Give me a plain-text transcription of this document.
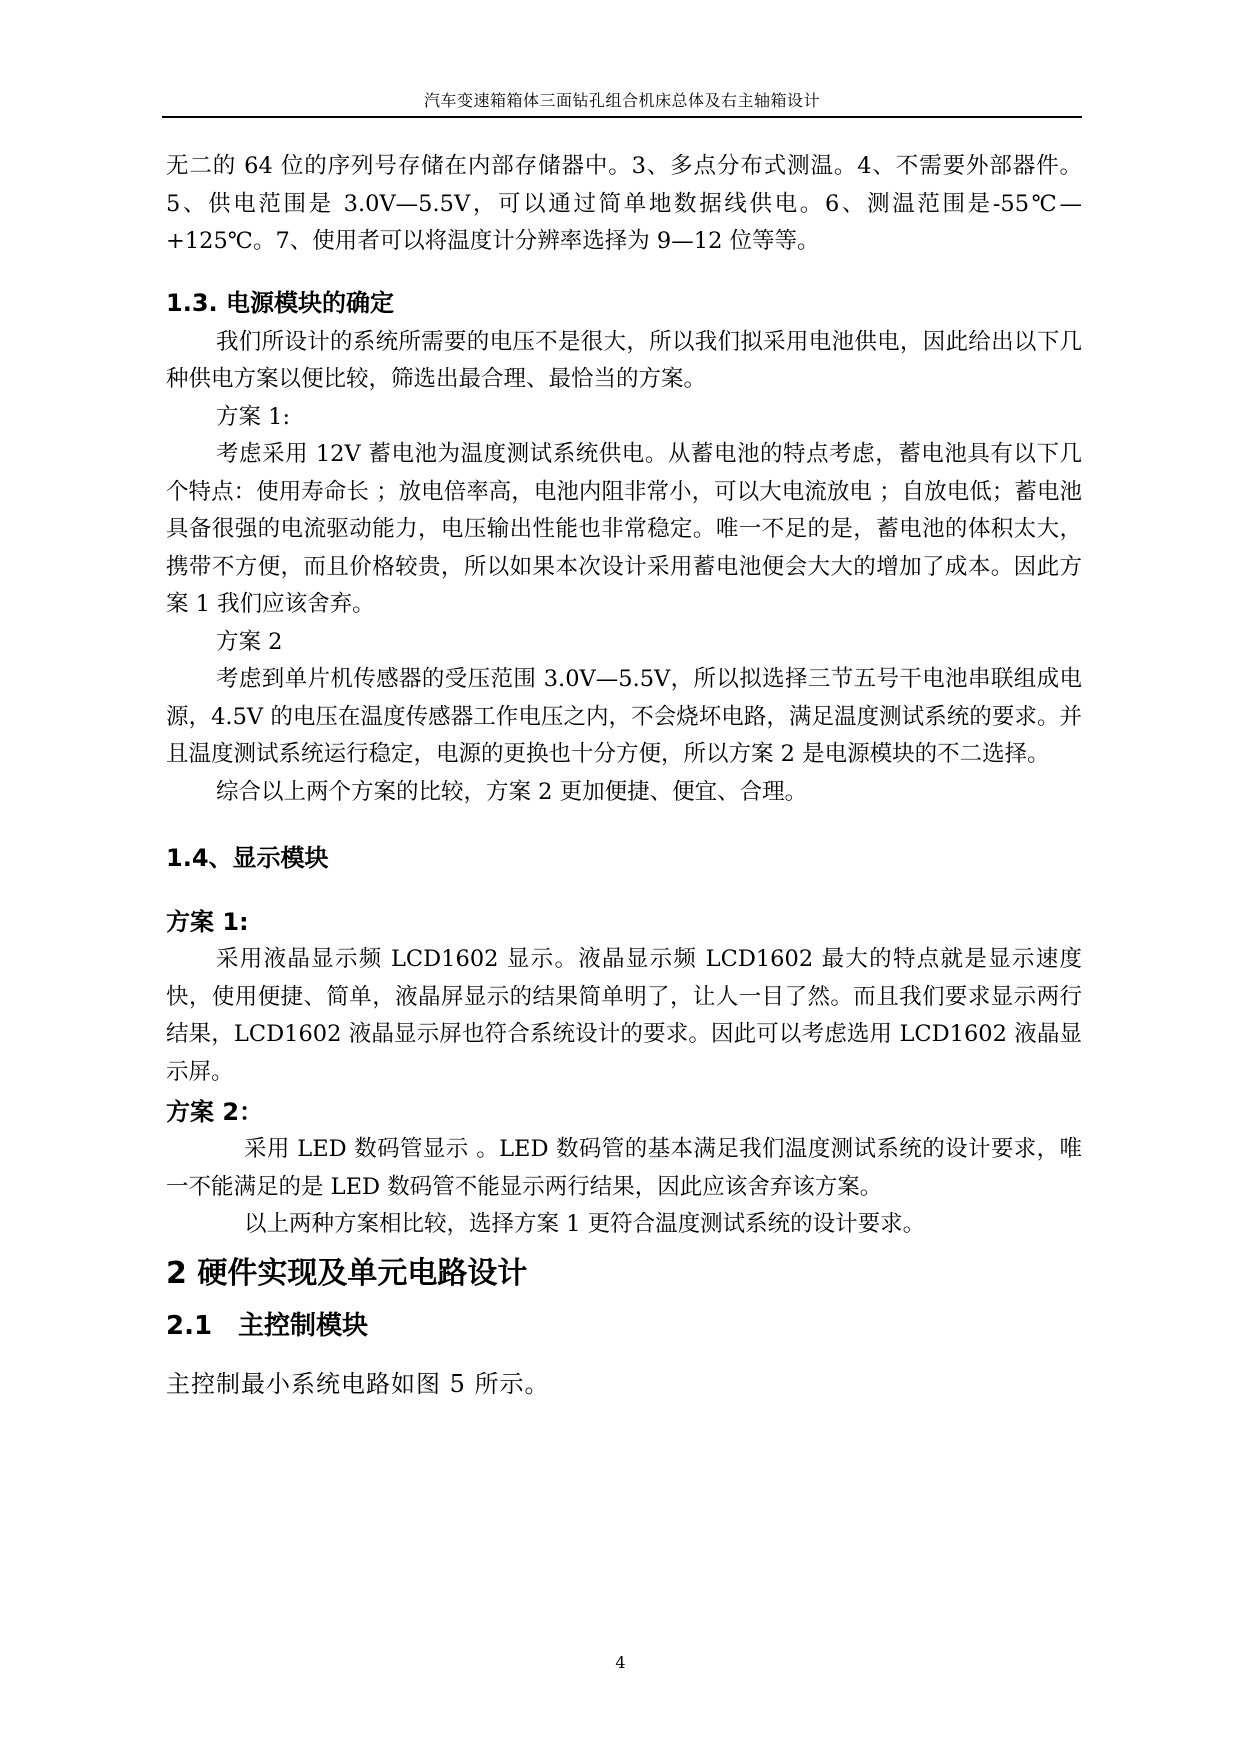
汽车变速箱箱体三面钻孔组合机床总体及右主轴箱设计

无二的 64 位的序列号存储在内部存储器中。3、多点分布式测温。4、不需要外部器件。5、供电范围是 3.0V—5.5V，可以通过简单地数据线供电。6、测温范围是-55℃—+125℃。7、使用者可以将温度计分辨率选择为 9—12 位等等。

1.3. 电源模块的确定

我们所设计的系统所需要的电压不是很大，所以我们拟采用电池供电，因此给出以下几种供电方案以便比较，筛选出最合理、最恰当的方案。

方案 1:

考虑采用 12V 蓄电池为温度测试系统供电。从蓄电池的特点考虑，蓄电池具有以下几个特点：使用寿命长 ；放电倍率高，电池内阻非常小，可以大电流放电 ；自放电低；蓄电池具备很强的电流驱动能力，电压输出性能也非常稳定。唯一不足的是，蓄电池的体积太大，携带不方便，而且价格较贵，所以如果本次设计采用蓄电池便会大大的增加了成本。因此方案 1 我们应该舍弃。

方案 2

考虑到单片机传感器的受压范围 3.0V—5.5V，所以拟选择三节五号干电池串联组成电源，4.5V 的电压在温度传感器工作电压之内，不会烧坏电路，满足温度测试系统的要求。并且温度测试系统运行稳定，电源的更换也十分方便，所以方案 2 是电源模块的不二选择。

综合以上两个方案的比较，方案 2 更加便捷、便宜、合理。

1.4、显示模块
方案 1:

采用液晶显示频 LCD1602 显示。液晶显示频 LCD1602 最大的特点就是显示速度快，使用便捷、简单，液晶屏显示的结果简单明了，让人一目了然。而且我们要求显示两行结果，LCD1602 液晶显示屏也符合系统设计的要求。因此可以考虑选用 LCD1602 液晶显示屏。

方案 2：

采用 LED 数码管显示 。LED 数码管的基本满足我们温度测试系统的设计要求，唯一不能满足的是 LED 数码管不能显示两行结果，因此应该舍弃该方案。

以上两种方案相比较，选择方案 1 更符合温度测试系统的设计要求。

2 硬件实现及单元电路设计
2.1　主控制模块

主控制最小系统电路如图 5 所示。

4
